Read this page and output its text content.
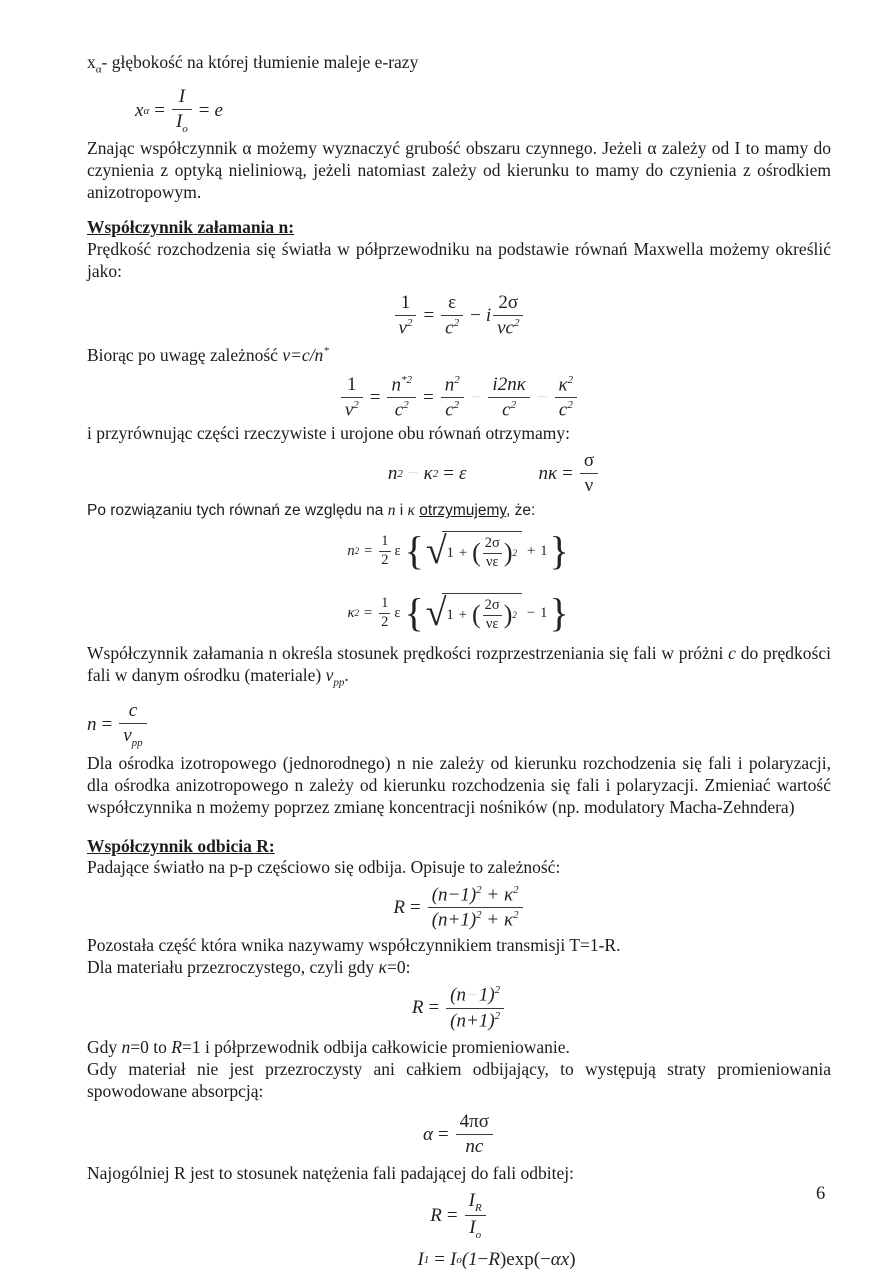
$x_\alpha-$ głębokość na której tłumienie maleje e-razy

x $\alpha = \frac{I}{I_o} = e$

Znając współczynnik α możemy wyznaczyć grubość obszaru czynnego. Jeżeli α zależy od I to mamy do czynienia z optyką nieliniową, jeżeli natomiast zależy od kierunku to mamy do czynienia z ośrodkiem anizotropowym.

Współczynnik załamania n:

Prędkość rozchodzenia się światła w półprzewodniku na podstawie równań Maxwella możemy określić jako:

$\frac{1}{v^2} = \frac{\varepsilon}{c^2} - i \frac{2\sigma}{\nu c^2}$

Biorąc po uwagę zależność v=c/n*

$\frac{1}{v^2} = \frac{n^{*2}}{c^2} = \frac{n^2}{c^2} - \frac{i2n\kappa}{c^2} - \frac{\kappa^2}{c^2}$

i przyrównując części rzeczywiste i urojone obu równań otrzymamy:

n 2 − κ 2 = ε	$n\kappa = \frac{\sigma}{\nu}$

Po rozwiązaniu tych równań ze względu na n i κ otrzymujemy, że:

n $2 = \frac{1}{2}$ ε { √ 1 + ( $\frac{2\sigma}{\nu\varepsilon}$ ) 2 + 1 }
κ $2 = \frac{1}{2}$ ε { √ 1 + ( $\frac{2\sigma}{\nu\varepsilon}$ ) 2 − 1 }

Współczynnik załamania n określa stosunek prędkości rozprzestrzeniania się fali w próżni c do prędkości fali w danym ośrodku (materiale) $v_{pp}$.

$n = \frac{c}{v_{pp}}$

Dla ośrodka izotropowego (jednorodnego) n nie zależy od kierunku rozchodzenia się fali i polaryzacji, dla ośrodka anizotropowego n zależy od kierunku rozchodzenia się fali i polaryzacji. Zmieniać wartość współczynnika n możemy poprzez zmianę koncentracji nośników (np. modulatory Macha-Zehndera)

Współczynnik odbicia R:

Padające światło na p-p częściowo się odbija. Opisuje to zależność:

$R = \frac{(n-1)^2 + \kappa^2}{(n+1)^2 + \kappa^2}$

Pozostała część która wnika nazywamy współczynnikiem transmisji T=1-R.

Dla materiału przezroczystego, czyli gdy κ=0:

$R = \frac{(n-1)^2}{(n+1)^2}$

Gdy n=0 to R=1 i półprzewodnik odbija całkowicie promieniowanie.

Gdy materiał nie jest przezroczysty ani całkiem odbijający, to występują straty promieniowania spowodowane absorpcją:

$\alpha = \frac{4\pi\sigma}{nc}$

Najogólniej R jest to stosunek natężenia fali padającej do fali odbitej:

$R = \frac{I_R}{I_o}$
I 1 = I o (1 − R )exp( − αx )
6
